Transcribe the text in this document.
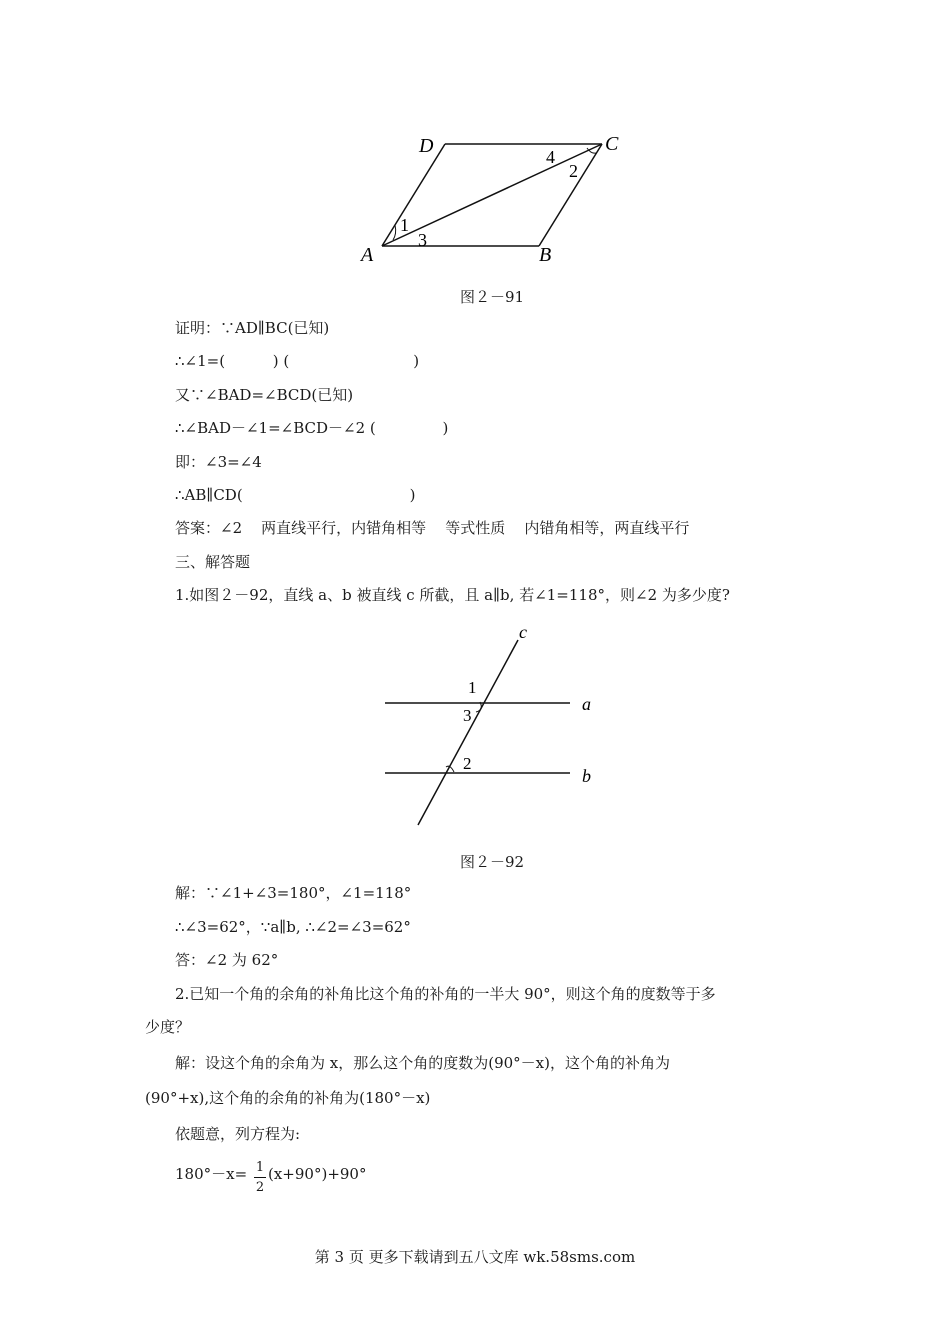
D	C
A	B
1
3
4
2
图２－91
证明：∵AD∥BC(已知)
∴∠1=(          ) (                          )
又∵∠BAD=∠BCD(已知)
∴∠BAD－∠1=∠BCD－∠2 (              )
即：∠3=∠4
∴AB∥CD(                                   )
答案：∠2    两直线平行，内错角相等    等式性质    内错角相等，两直线平行
三、解答题
1.如图２－92，直线 a、b 被直线 c 所截，且 a∥b, 若∠1=118°，则∠2 为多少度?
c
a
b
1
3
2
图２－92
解：∵∠1+∠3=180°，∠1=118°
∴∠3=62°，∵a∥b, ∴∠2=∠3=62°
答：∠2 为 62°
2.已知一个角的余角的补角比这个角的补角的一半大 90°，则这个角的度数等于多
少度？
解：设这个角的余角为 x，那么这个角的度数为(90°－x)，这个角的补角为
(90°+x),这个角的余角的补角为(180°－x)
依题意，列方程为:
180°－x= 1
2
(x+90°)+90°
第 3 页 更多下载请到五八文库 wk.58sms.com
